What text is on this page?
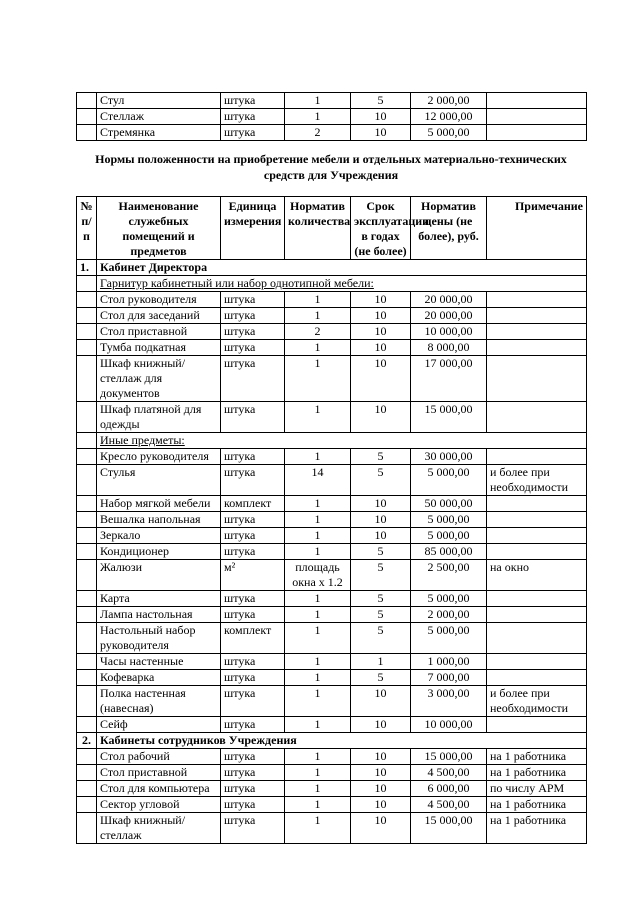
	Стул	штука	1	5	2 000,00	
	Стеллаж	штука	1	10	12 000,00	
	Стремянка	штука	2	10	5 000,00	
Нормы положенности на приобретение мебели и отдельных материально-технических средств для Учреждения
№ п/п	Наименование служебных помещений и предметов	Единица измерения	Норматив количества	Срок эксплуатации в годах (не более)	Норматив цены (не более), руб.	Примечание
1.	Кабинет Директора					
	Гарнитур кабинетный или набор однотипной мебели:					
	Стол руководителя	штука	1	10	20 000,00	
	Стол для заседаний	штука	1	10	20 000,00	
	Стол приставной	штука	2	10	10 000,00	
	Тумба подкатная	штука	1	10	8 000,00	
	Шкаф книжный/стеллаж для документов	штука	1	10	17 000,00	
	Шкаф платяной для одежды	штука	1	10	15 000,00	
	Иные предметы:					
	Кресло руководителя	штука	1	5	30 000,00	
	Стулья	штука	14	5	5 000,00	и более при необходимости
	Набор мягкой мебели	комплект	1	10	50 000,00	
	Вешалка напольная	штука	1	10	5 000,00	
	Зеркало	штука	1	10	5 000,00	
	Кондиционер	штука	1	5	85 000,00	
	Жалюзи	м²	площадь окна х 1.2	5	2 500,00	на окно
	Карта	штука	1	5	5 000,00	
	Лампа настольная	штука	1	5	2 000,00	
	Настольный набор руководителя	комплект	1	5	5 000,00	
	Часы настенные	штука	1	1	1 000,00	
	Кофеварка	штука	1	5	7 000,00	
	Полка настенная (навесная)	штука	1	10	3 000,00	и более при необходимости
	Сейф	штука	1	10	10 000,00	
2.	Кабинеты сотрудников Учреждения					
	Стол рабочий	штука	1	10	15 000,00	на 1 работника
	Стол приставной	штука	1	10	4 500,00	на 1 работника
	Стол для компьютера	штука	1	10	6 000,00	по числу АРМ
	Сектор угловой	штука	1	10	4 500,00	на 1 работника
	Шкаф книжный/стеллаж	штука	1	10	15 000,00	на 1 работника
